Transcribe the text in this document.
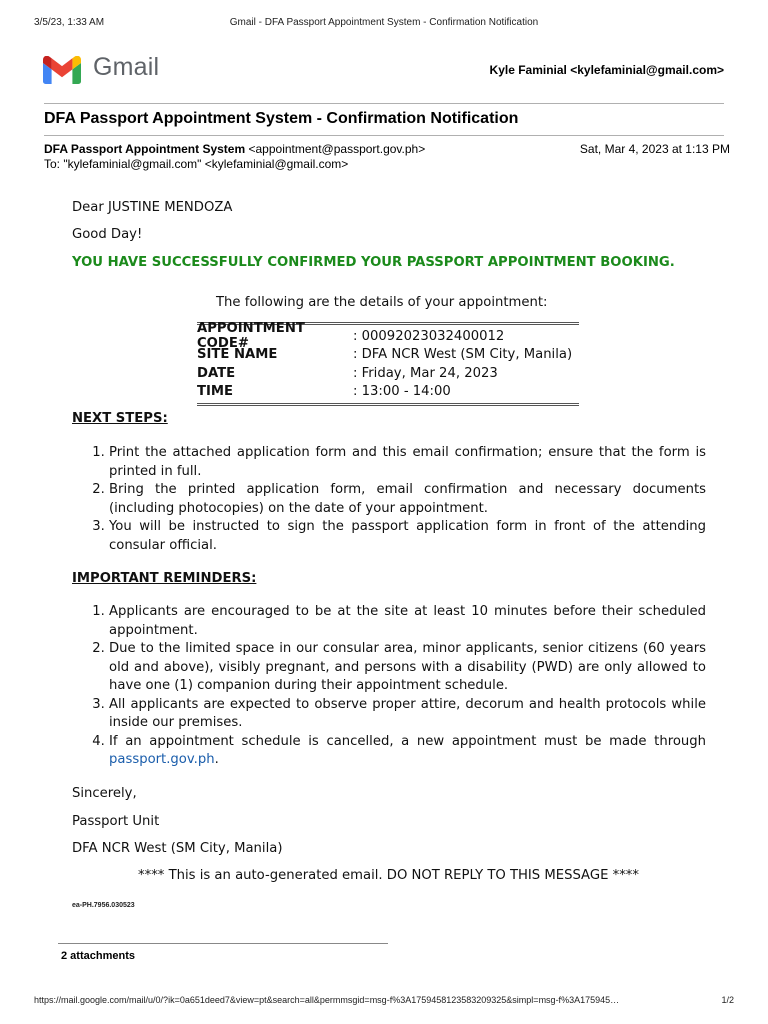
3/5/23, 1:33 AM	Gmail - DFA Passport Appointment System - Confirmation Notification
Gmail	Kyle Faminial <kylefaminial@gmail.com>
DFA Passport Appointment System - Confirmation Notification
DFA Passport Appointment System <appointment@passport.gov.ph>
To: "kylefaminial@gmail.com" <kylefaminial@gmail.com>
Sat, Mar 4, 2023 at 1:13 PM
Dear JUSTINE MENDOZA
Good Day!
YOU HAVE SUCCESSFULLY CONFIRMED YOUR PASSPORT APPOINTMENT BOOKING.
The following are the details of your appointment:
APPOINTMENT CODE#	: 00092023032400012
SITE NAME	: DFA NCR West (SM City, Manila)
DATE	: Friday, Mar 24, 2023
TIME	: 13:00 - 14:00
NEXT STEPS:
1. Print the attached application form and this email confirmation; ensure that the form is printed in full.
2. Bring the printed application form, email confirmation and necessary documents (including photocopies) on the date of your appointment.
3. You will be instructed to sign the passport application form in front of the attending consular official.
IMPORTANT REMINDERS:
1. Applicants are encouraged to be at the site at least 10 minutes before their scheduled appointment.
2. Due to the limited space in our consular area, minor applicants, senior citizens (60 years old and above), visibly pregnant, and persons with a disability (PWD) are only allowed to have one (1) companion during their appointment schedule.
3. All applicants are expected to observe proper attire, decorum and health protocols while inside our premises.
4. If an appointment schedule is cancelled, a new appointment must be made through passport.gov.ph.
Sincerely,
Passport Unit
DFA NCR West (SM City, Manila)
**** This is an auto-generated email. DO NOT REPLY TO THIS MESSAGE ****
ea-PH.7956.030523
2 attachments
https://mail.google.com/mail/u/0/?ik=0a651deed7&view=pt&search=all&permmsgid=msg-f%3A1759458123583209325&simpl=msg-f%3A175945…	1/2
